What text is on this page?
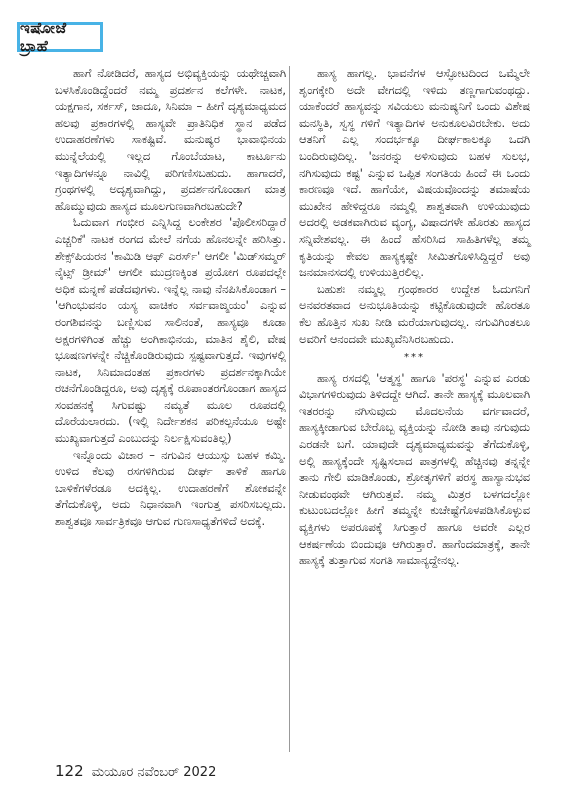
ಇಷೋಜೆ ಬ್ರಾಹೆ

ಹಾಗೆ ನೋಡಿದರೆ, ಹಾಸ್ಯದ ಅಭಿವ್ಯಕ್ತಿಯನ್ನು ಯಥೇಚ್ಚವಾಗಿ ಬಳಸಿಕೊಂಡಿದ್ದೆಂದರೆ ನಮ್ಮ ಪ್ರದರ್ಶನ ಕಲೆಗಳೇ. ನಾಟಕ, ಯಕ್ಷಗಾನ, ಸರ್ಕಸ್, ಜಾದೂ, ಸಿನಿಮಾ – ಹೀಗೆ ದೃಶ್ಯಮಾಧ್ಯಮದ ಹಲವು ಪ್ರಕಾರಗಳಲ್ಲಿ ಹಾಸ್ಯವೇ ಪ್ರಾತಿನಿಧಿಕ ಸ್ಥಾನ ಪಡೆದ ಉದಾಹರಣೆಗಳು ಸಾಕಷ್ಟಿವೆ. ಮನುಷ್ಯರ ಭಾವಾಭಿನಯ ಮುನ್ನೆಲೆಯಲ್ಲಿ ಇಲ್ಲದ ಗೊಂಬೆಯಾಟ, ಕಾರ್ಟೂನು ಇತ್ಯಾದಿಗಳನ್ನೂ ನಾವಿಲ್ಲಿ ಪರಿಗಣಿಸಬಹುದು. ಹಾಗಾದರೆ, ಗ್ರಂಥಗಳಲ್ಲಿ ಅದೃಶ್ಯವಾಗಿದ್ದು, ಪ್ರದರ್ಶನಗೊಂಡಾಗ ಮಾತ್ರ ಹೊಮ್ಮುವುದು ಹಾಸ್ಯದ ಮೂಲಗುಣವಾಗಿರಬಹುದೇ?

ಓದುವಾಗ ಗಂಭೀರ ಎನ್ನಿಸಿದ್ದ ಲಂಕೇಶರ 'ಪೊಲೀಸರಿದ್ದಾರೆ ಎಚ್ಚರಿಕೆ' ನಾಟಕ ರಂಗದ ಮೇಲೆ ನಗೆಯ ಹೊನಲನ್ನೇ ಹರಿಸಿತ್ತು. ಶೇಕ್ಸ್‌ಪಿಯರನ 'ಕಾಮಿಡಿ ಆಫ್ ಎರರ್ಸ್' ಆಗಲೀ 'ಮಿಡ್‌ಸಮ್ಮರ್ ನೈಟ್ಸ್ ಡ್ರೀಮ್' ಆಗಲೀ ಮುದ್ರಣಕ್ಕಿಂತ ಪ್ರಯೋಗ ರೂಪದಲ್ಲೇ ಅಧಿಕ ಮನ್ನಣೆ ಪಡೆದವುಗಳು. ಇನ್ನೆಲ್ಲ ನಾವು ನೆನಪಿಸಿಕೊಂಡಾಗ – 'ಆಗಿಂಭುವನಂ ಯಸ್ಯ ವಾಚಿಕಂ ಸರ್ವವಾಙ್ಮಯಂ' ಎನ್ನುವ ರಂಗಶಿವನನ್ನು ಬಣ್ಣಿಸುವ ಸಾಲಿನಂತೆ, ಹಾಸ್ಯವೂ ಕೂಡಾ ಅಕ್ಷರಗಳಿಗಿಂತ ಹೆಚ್ಚು ಅಂಗಿಕಾಭಿನಯ, ಮಾತಿನ ಶೈಲಿ, ವೇಷ ಭೂಷಣಗಳನ್ನೇ ನೆಚ್ಚಿಕೊಂಡಿರುವುದು ಸ್ಪಷ್ಟವಾಗುತ್ತದೆ. ಇವುಗಳಲ್ಲಿ ನಾಟಕ, ಸಿನಿಮಾದಂತಹ ಪ್ರಕಾರಗಳು ಪ್ರದರ್ಶನಕ್ಕಾಗಿಯೇ ರಚನೆಗೊಂಡಿದ್ದರೂ, ಅವು ದೃಶ್ಯಕ್ಕೆ ರೂಪಾಂತರಗೊಂಡಾಗ ಹಾಸ್ಯದ ಸಂವಹನಕ್ಕೆ ಸಿಗುವಷ್ಟು ನಮ್ಯತೆ ಮೂಲ ರೂಪದಲ್ಲಿ ದೊರೆಯಲಾರದು. (ಇಲ್ಲಿ ನಿರ್ದೇಶಕನ ಪರಿಕಲ್ಪನೆಯೂ ಅಷ್ಟೇ ಮುಖ್ಯವಾಗುತ್ತದೆ ಎಂಬುದನ್ನು ನಿರ್ಲಕ್ಷಿಸುವಂತಿಲ್ಲ)

ಇನ್ನೊಂದು ವಿಚಾರ – ನಗುವಿನ ಆಯುಸ್ಸು ಬಹಳ ಕಮ್ಮಿ. ಉಳಿದ ಕೆಲವು ರಸಗಳಿಗಿರುವ ದೀರ್ಘ ತಾಳಿಕೆ ಹಾಗೂ ಬಾಳಿಕೆಗಳೆರಡೂ ಅದಕ್ಕಿಲ್ಲ. ಉದಾಹರಣೆಗೆ ಶೋಕವನ್ನೇ ತೆಗೆದುಕೊಳ್ಳಿ, ಅದು ನಿಧಾನವಾಗಿ ಇಂಗುತ್ತ ಪಸರಿಸಬಲ್ಲದು. ಶಾಶ್ವತವೂ ಸಾರ್ವತ್ರಿಕವೂ ಆಗುವ ಗುಣಸಾಧ್ಯತೆಗಳಿದೆ ಅದಕ್ಕೆ.

ಹಾಸ್ಯ ಹಾಗಲ್ಲ. ಭಾವನೆಗಳ ಆಸ್ಫೋಟದಿಂದ ಒಮ್ಮೆಲೇ ಶೃಂಗಕ್ಕೇರಿ ಅದೇ ವೇಗದಲ್ಲಿ ಇಳಿದು ತಣ್ಣಗಾಗುವಂಥದ್ದು. ಯಾಕೆಂದರೆ ಹಾಸ್ಯವನ್ನು ಸವಿಯಲು ಮನುಷ್ಯನಿಗೆ ಒಂದು ವಿಶೇಷ ಮನಸ್ಥಿತಿ, ಸ್ವಸ್ಥ ಗಳಿಗೆ ಇತ್ಯಾದಿಗಳ ಅನುಕೂಲವಿರಬೇಕು. ಅದು ಆತನಿಗೆ ಎಲ್ಲ ಸಂದರ್ಭಕ್ಕೂ ದೀರ್ಘಕಾಲಕ್ಕೂ ಒದಗಿ ಬಂದಿರುವುದಿಲ್ಲ. 'ಜನರನ್ನು ಅಳಿಸುವುದು ಬಹಳ ಸುಲಭ, ನಗಿಸುವುದು ಕಷ್ಟ' ಎನ್ನುವ ಒಪ್ಪಿತ ಸಂಗತಿಯ ಹಿಂದೆ ಈ ಒಂದು ಕಾರಣವೂ ಇದೆ. ಹಾಗೆಯೇ, ವಿಷಯವೊಂದನ್ನು ತಮಾಷೆಯ ಮುಖೇನ ಹೇಳಿದ್ದರೂ ನಮ್ಮಲ್ಲಿ ಶಾಶ್ವತವಾಗಿ ಉಳಿಯುವುದು ಅದರಲ್ಲಿ ಅಡಕವಾಗಿರುವ ವ್ಯಂಗ್ಯ, ವಿಷಾದಗಳೇ ಹೊರತು ಹಾಸ್ಯದ ಸನ್ನಿವೇಶವಲ್ಲ. ಈ ಹಿಂದೆ ಹೆಸರಿಸಿದ ಸಾಹಿತಿಗಳೆಲ್ಲ ತಮ್ಮ ಕೃತಿಯನ್ನು ಕೇವಲ ಹಾಸ್ಯಕ್ಕಷ್ಟೇ ಸೀಮಿತಗೊಳಿಸಿದ್ದಿದ್ದರೆ ಅವು ಜನಮಾನಸದಲ್ಲಿ ಉಳಿಯುತ್ತಿರಲಿಲ್ಲ.

ಬಹುಶಃ ನಮ್ಮಲ್ಲ ಗ್ರಂಥಕಾರರ ಉದ್ದೇಶ ಓದುಗನಿಗೆ ಅನವರತವಾದ ಅನುಭೂತಿಯನ್ನು ಕಟ್ಟಿಕೊಡುವುದೇ ಹೊರತೂ ಕೆಲ ಹೊತ್ತಿನ ಸುಖ ನೀಡಿ ಮರೆಯಾಗುವುದಲ್ಲ. ನಗುವಿಗಿಂತಲೂ ಅವರಿಗೆ ಆನಂದವೇ ಮುಖ್ಯವೆನಿಸಿರಬಹುದು.

***

ಹಾಸ್ಯ ರಸದಲ್ಲಿ 'ಆತ್ಮಸ್ಥ' ಹಾಗೂ 'ಪರಸ್ಥ' ಎನ್ನುವ ಎರಡು ವಿಭಾಗಗಳಿರುವುದು ತಿಳಿದದ್ದೇ ಆಗಿದೆ. ತಾನೇ ಹಾಸ್ಯಕ್ಕೆ ಮೂಲವಾಗಿ ಇತರರನ್ನು ನಗಿಸುವುದು ಮೊದಲನೆಯ ವರ್ಗವಾದರೆ, ಹಾಸ್ಯಕ್ಕೀಡಾಗುವ ಬೇರೊಬ್ಬ ವ್ಯಕ್ತಿಯನ್ನು ನೋಡಿ ತಾವು ನಗುವುದು ಎರಡನೇ ಬಗೆ. ಯಾವುದೇ ದೃಶ್ಯಮಾಧ್ಯಮವನ್ನು ತೆಗೆದುಕೊಳ್ಳಿ, ಅಲ್ಲಿ ಹಾಸ್ಯಕ್ಕೆಂದೇ ಸೃಷ್ಟಿಸಲಾದ ಪಾತ್ರಗಳಲ್ಲಿ ಹೆಚ್ಚಿನವು ತನ್ನನ್ನೇ ತಾನು ಗೇಲಿ ಮಾಡಿಕೊಂಡು, ಶ್ರೋತೃಗಳಿಗೆ ಪರಸ್ಥ ಹಾಸ್ಯಾನುಭವ ನೀಡುವಂಥವೇ ಆಗಿರುತ್ತವೆ. ನಮ್ಮ ಮಿತ್ರರ ಬಳಗದಲ್ಲೋ ಕುಟುಂಬದಲ್ಲೋ ಹೀಗೆ ತಮ್ಮನ್ನೇ ಕುಚೇಷ್ಟೆಗೊಳಪಡಿಸಿಕೊಳ್ಳುವ ವ್ಯಕ್ತಿಗಳು ಅಪರೂಪಕ್ಕೆ ಸಿಗುತ್ತಾರೆ ಹಾಗೂ ಅವರೇ ಎಲ್ಲರ ಆಕರ್ಷಣೆಯ ಬಿಂದುವೂ ಆಗಿರುತ್ತಾರೆ. ಹಾಗೆಂದಮಾತ್ರಕ್ಕೆ, ತಾನೇ ಹಾಸ್ಯಕ್ಕೆ ತುತ್ತಾಗುವ ಸಂಗತಿ ಸಾಮಾನ್ಯದ್ದೇನಲ್ಲ.

122 ಮಯೂರ ನವೆಂಬರ್ 2022
